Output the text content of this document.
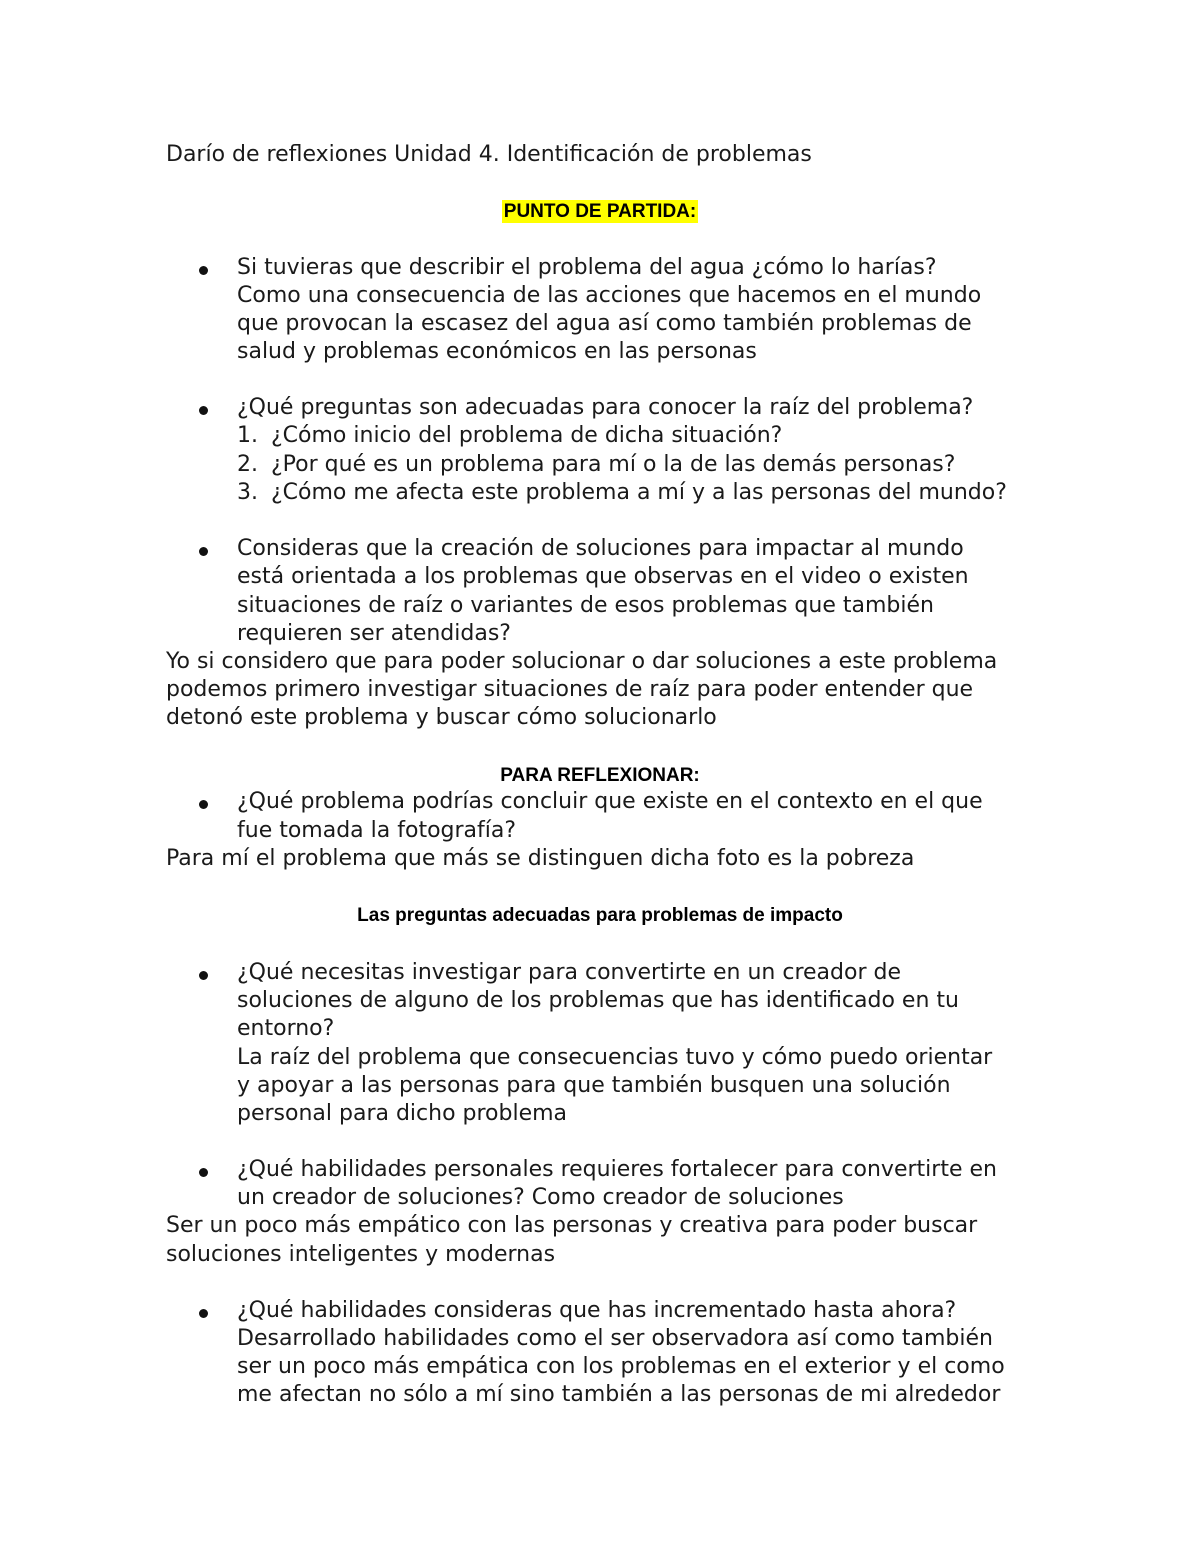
Darío de reflexiones Unidad 4. Identificación de problemas

PUNTO DE PARTIDA:

Si tuvieras que describir el problema del agua ¿cómo lo harías?

Como una consecuencia de las acciones que hacemos en el mundo

que provocan la escasez del agua así como también problemas de

salud y problemas económicos en las personas

¿Qué preguntas son adecuadas para conocer la raíz del problema?

1. ¿Cómo inicio del problema de dicha situación?

2. ¿Por qué es un problema para mí o la de las demás personas?

3. ¿Cómo me afecta este problema a mí y a las personas del mundo?

Consideras que la creación de soluciones para impactar al mundo

está orientada a los problemas que observas en el video o existen

situaciones de raíz o variantes de esos problemas que también

requieren ser atendidas?

Yo si considero que para poder solucionar o dar soluciones a este problema

podemos primero investigar situaciones de raíz para poder entender que

detonó este problema y buscar cómo solucionarlo

PARA REFLEXIONAR:

¿Qué problema podrías concluir que existe en el contexto en el que

fue tomada la fotografía?

Para mí el problema que más se distinguen dicha foto es la pobreza

Las preguntas adecuadas para problemas de impacto

¿Qué necesitas investigar para convertirte en un creador de

soluciones de alguno de los problemas que has identificado en tu

entorno?

La raíz del problema que consecuencias tuvo y cómo puedo orientar

y apoyar a las personas para que también busquen una solución

personal para dicho problema

¿Qué habilidades personales requieres fortalecer para convertirte en

un creador de soluciones? Como creador de soluciones

Ser un poco más empático con las personas y creativa para poder buscar

soluciones inteligentes y modernas

¿Qué habilidades consideras que has incrementado hasta ahora?

Desarrollado habilidades como el ser observadora así como también

ser un poco más empática con los problemas en el exterior y el como

me afectan no sólo a mí sino también a las personas de mi alrededor
